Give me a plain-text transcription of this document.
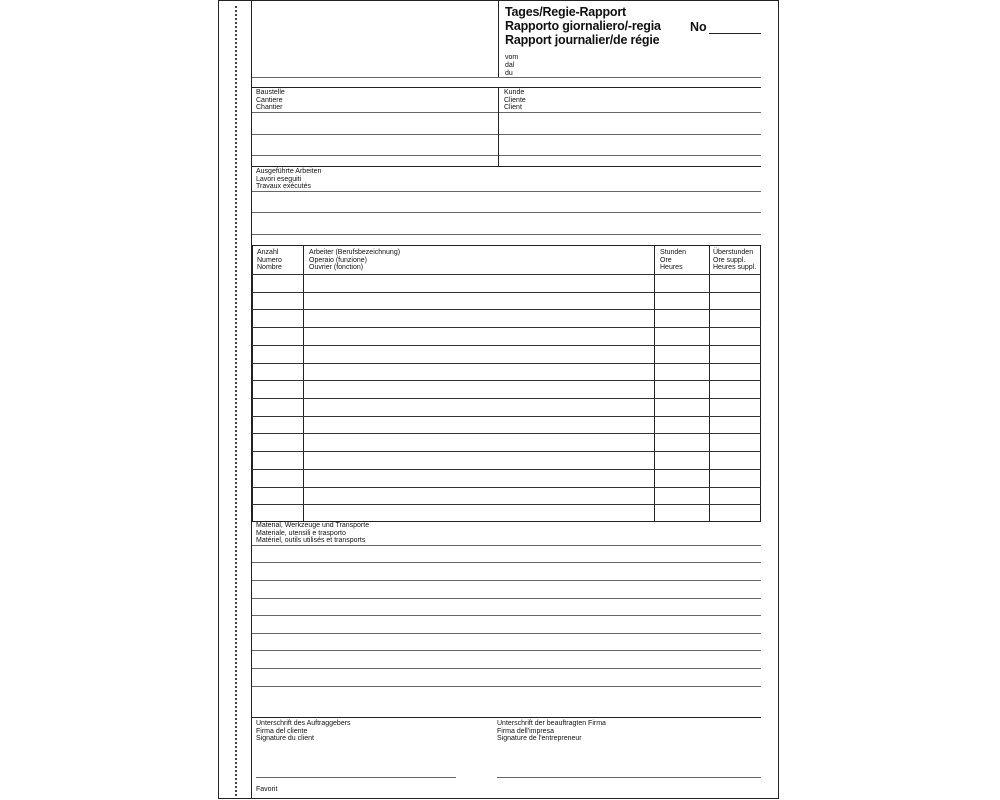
Tages/Regie-Rapport
Rapporto giornaliero/-regia
Rapport journalier/de régie
No
vom
dal
du
Baustelle
Cantiere
Chantier
Kunde
Cliente
Client
Ausgeführte Arbeiten
Lavori eseguiti
Travaux exécutés
Anzahl
Numero
Nombre
Arbeiter (Berufsbezeichnung)
Operaio (funzione)
Ouvrier (fonction)
Stunden
Ore
Heures
Überstunden
Ore suppl.
Heures suppl.
Material, Werkzeuge und Transporte
Materiale, utensili e trasporto
Matériel, outils utilisés et transports
Unterschrift des Auftraggebers
Firma del cliente
Signature du client
Unterschrift der beauftragten Firma
Firma dell'impresa
Signature de l'entrepreneur
Favorit
